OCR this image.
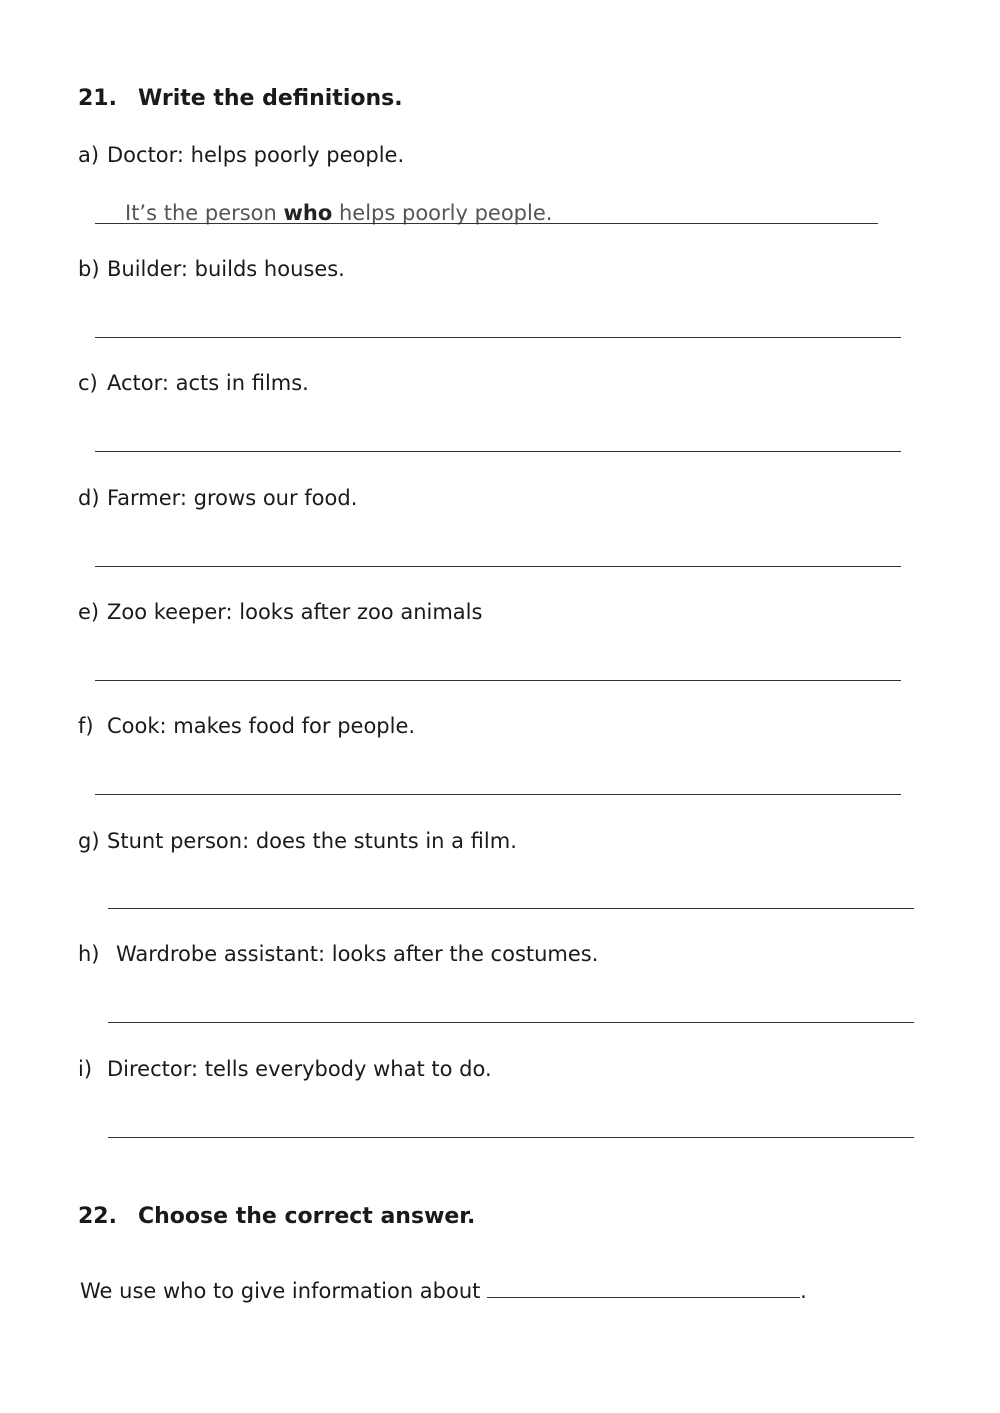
21. Write the definitions.
a) Doctor: helps poorly people.
It’s the person who helps poorly people.
b) Builder: builds houses.
c) Actor: acts in films.
d) Farmer: grows our food.
e) Zoo keeper: looks after zoo animals
f) Cook: makes food for people.
g) Stunt person: does the stunts in a film.
h) Wardrobe assistant: looks after the costumes.
i) Director: tells everybody what to do.
22. Choose the correct answer.
We use who to give information about	.
